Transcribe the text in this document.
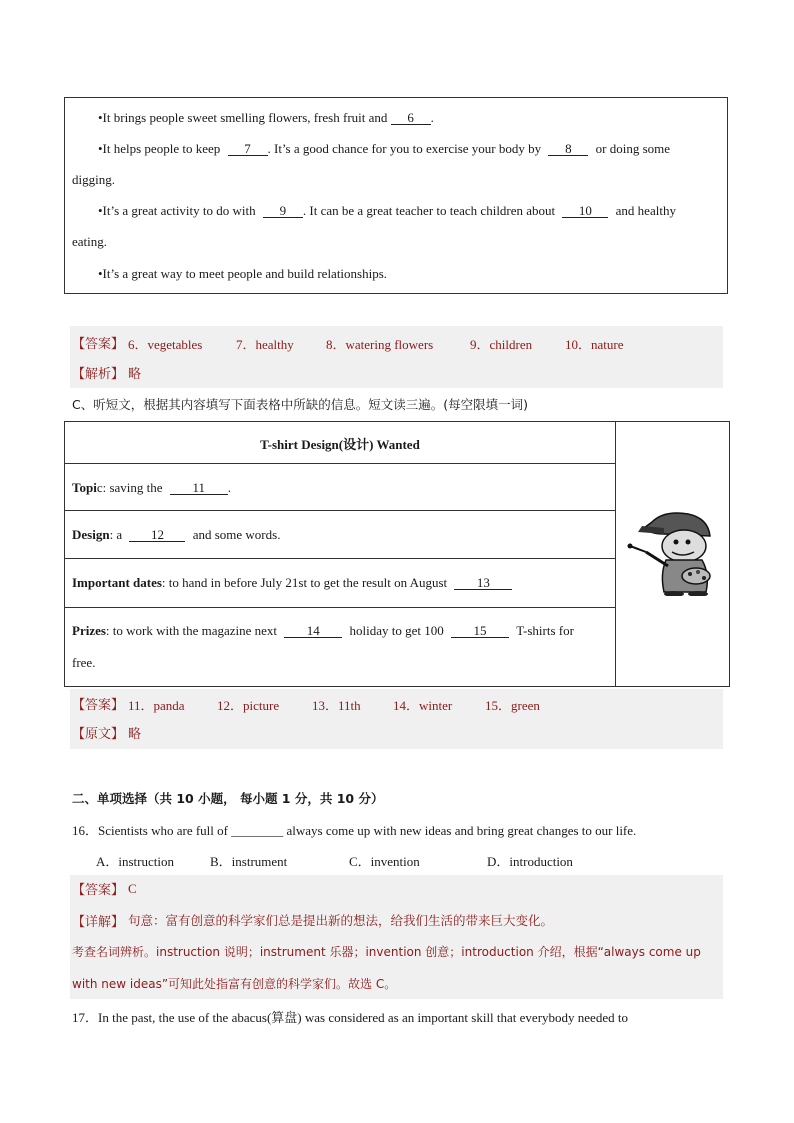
•It brings people sweet smelling flowers, fresh fruit and 6 .
•It helps people to keep 7 . It’s a good chance for you to exercise your body by 8 or doing some
digging.
•It’s a great activity to do with 9 . It can be a great teacher to teach children about 10 and healthy
eating.
•It’s a great way to meet people and build relationships.
【答案】 6．vegetables	7．healthy 8．watering flowers	9．children	10．nature
【解析】 略
C、听短文，根据其内容填写下面表格中所缺的信息。短文读三遍。(每空限填一词)
T-shirt Design(设计) Wanted
Topic: saving the 11 .
Design: a 12 and some words.
Important dates: to hand in before July 21st to get the result on August 13
Prizes: to work with the magazine next 14 holiday to get 100 15 T-shirts for
free.
【答案】 11．panda 12．picture	13．11th 14．winter	15．green
【原文】 略
二、单项选择（共 10 小题， 每小题 1 分，共 10 分）
16．Scientists who are full of ________ always come up with new ideas and bring great changes to our life.
A．instruction	B．instrument	C．invention	D．introduction
【答案】 C
【详解】 句意：富有创意的科学家们总是提出新的想法，给我们生活的带来巨大变化。
考查名词辨析。instruction 说明；instrument 乐器；invention 创意；introduction 介绍，根据“always come up
with new ideas”可知此处指富有创意的科学家们。故选 C。
17．In the past, the use of the abacus(算盘) was considered as an important skill that everybody needed to
